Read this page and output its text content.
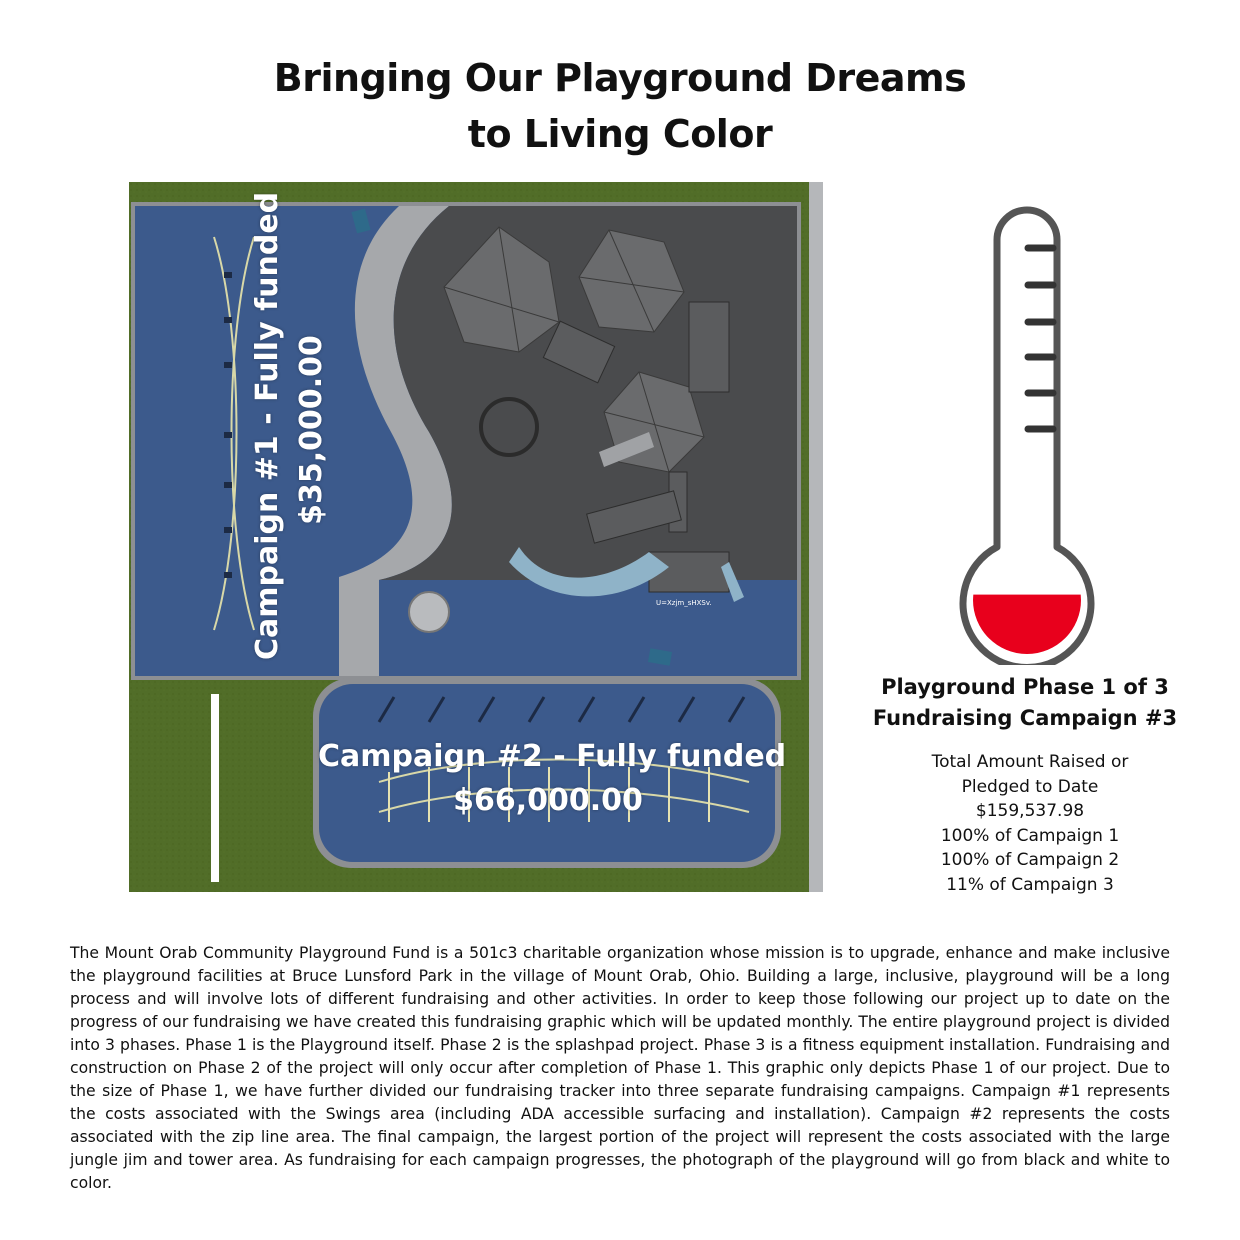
Bringing Our Playground Dreams
to Living Color
Campaign #1 - Fully funded $35,000.00
Campaign #2 - Fully funded
$66,000.00
U=Xzjm_sHXSv.
Playground Phase 1 of 3
Fundraising Campaign #3
Total Amount Raised or
Pledged to Date
$159,537.98
100% of Campaign 1
100% of Campaign 2
11% of Campaign 3
The Mount Orab Community Playground Fund is a 501c3 charitable organization whose mission is to upgrade, enhance and make inclusive the playground facilities at Bruce Lunsford Park in the village of Mount Orab, Ohio. Building a large, inclusive, playground will be a long process and will involve lots of different fundraising and other activities. In order to keep those following our project up to date on the progress of our fundraising we have created this fundraising graphic which will be updated monthly. The entire playground project is divided into 3 phases. Phase 1 is the Playground itself. Phase 2 is the splashpad project. Phase 3 is a fitness equipment installation. Fundraising and construction on Phase 2 of the project will only occur after completion of Phase 1. This graphic only depicts Phase 1 of our project. Due to the size of Phase 1, we have further divided our fundraising tracker into three separate fundraising campaigns. Campaign #1 represents the costs associated with the Swings area (including ADA accessible surfacing and installation). Campaign #2 represents the costs associated with the zip line area. The final campaign, the largest portion of the project will represent the costs associated with the large jungle jim and tower area. As fundraising for each campaign progresses, the photograph of the playground will go from black and white to color.
